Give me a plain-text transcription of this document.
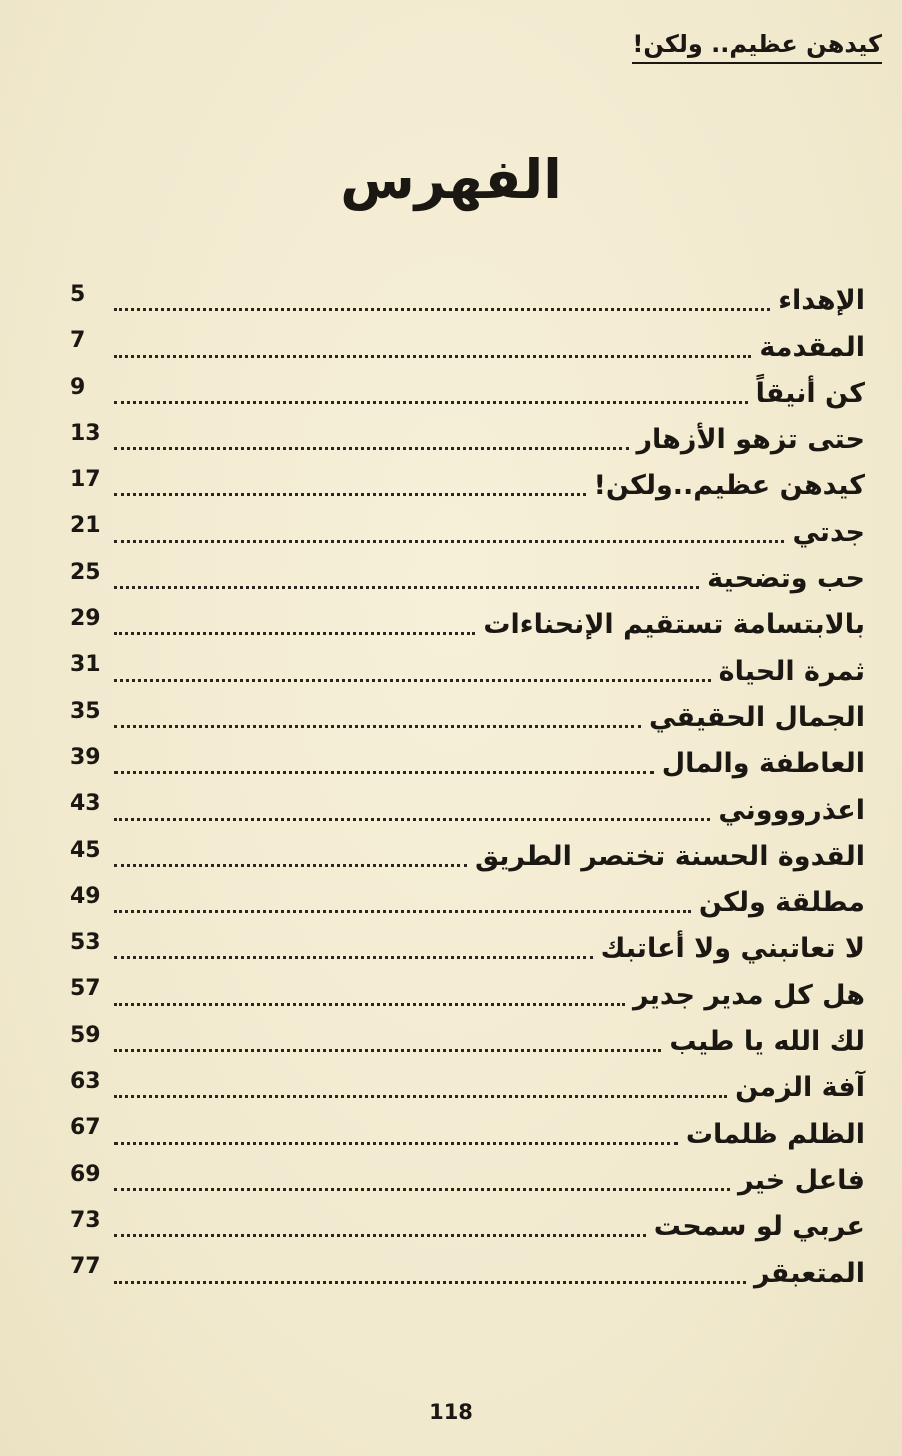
كيدهن عظيم.. ولكن!
الفهرس
الإهداء
5
المقدمة
7
كن أنيقاً
9
حتى تزهو الأزهار
13
كيدهن عظيم..ولكن!
17
جدتي
21
حب وتضحية
25
بالابتسامة تستقيم الإنحناءات
29
ثمرة الحياة
31
الجمال الحقيقي
35
العاطفة والمال
39
اعذروووني
43
القدوة الحسنة تختصر الطريق
45
مطلقة ولكن
49
لا تعاتبني ولا أعاتبك
53
هل كل مدير جدير
57
لك الله يا طيب
59
آفة الزمن
63
الظلم ظلمات
67
فاعل خير
69
عربي لو سمحت
73
المتعبقر
77
118
